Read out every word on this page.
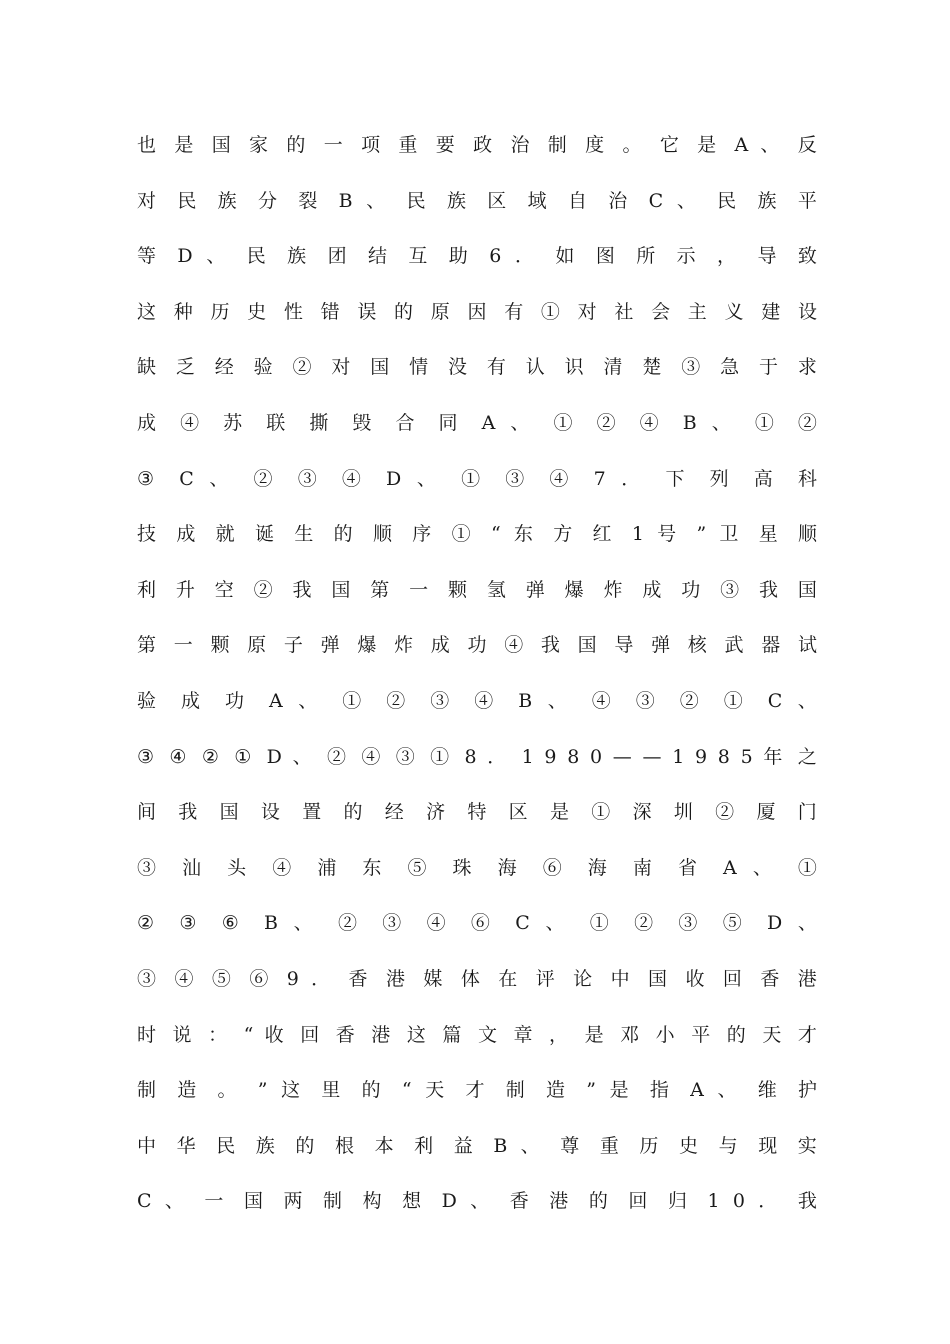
也 是 国 家 的 一 项 重 要 政 治 制 度 。 它 是 A 、 反
对 民 族 分 裂 B 、 民 族 区 域 自 治 C 、 民 族 平
等 D 、 民 族 团 结 互 助 6 ． 如 图 所 示 ， 导 致
这 种 历 史 性 错 误 的 原 因 有 ① 对 社 会 主 义 建 设
缺 乏 经 验 ② 对 国 情 没 有 认 识 清 楚 ③ 急 于 求
成 ④ 苏 联 撕 毁 合 同 A 、 ① ② ④ B 、 ① ②
③ C 、 ② ③ ④ D 、 ① ③ ④ 7 ． 下 列 高 科
技 成 就 诞 生 的 顺 序 ① “ 东 方 红 1 号 ” 卫 星 顺
利 升 空 ② 我 国 第 一 颗 氢 弹 爆 炸 成 功 ③ 我 国
第 一 颗 原 子 弹 爆 炸 成 功 ④ 我 国 导 弹 核 武 器 试
验 成 功 A 、 ① ② ③ ④ B 、 ④ ③ ② ① C 、
③ ④ ② ① D 、 ② ④ ③ ① 8 ． 1 9 8 0 — — 1 9 8 5 年 之
间 我 国 设 置 的 经 济 特 区 是 ① 深 圳 ② 厦 门
③ 汕 头 ④ 浦 东 ⑤ 珠 海 ⑥ 海 南 省 A 、 ①
② ③ ⑥ B 、 ② ③ ④ ⑥ C 、 ① ② ③ ⑤ D 、
③ ④ ⑤ ⑥ 9 ． 香 港 媒 体 在 评 论 中 国 收 回 香 港
时 说 ： “ 收 回 香 港 这 篇 文 章 ， 是 邓 小 平 的 天 才
制 造 。 ” 这 里 的 “ 天 才 制 造 ” 是 指 A 、 维 护
中 华 民 族 的 根 本 利 益 B 、 尊 重 历 史 与 现 实
C 、 一 国 两 制 构 想 D 、 香 港 的 回 归 1 0 ． 我
